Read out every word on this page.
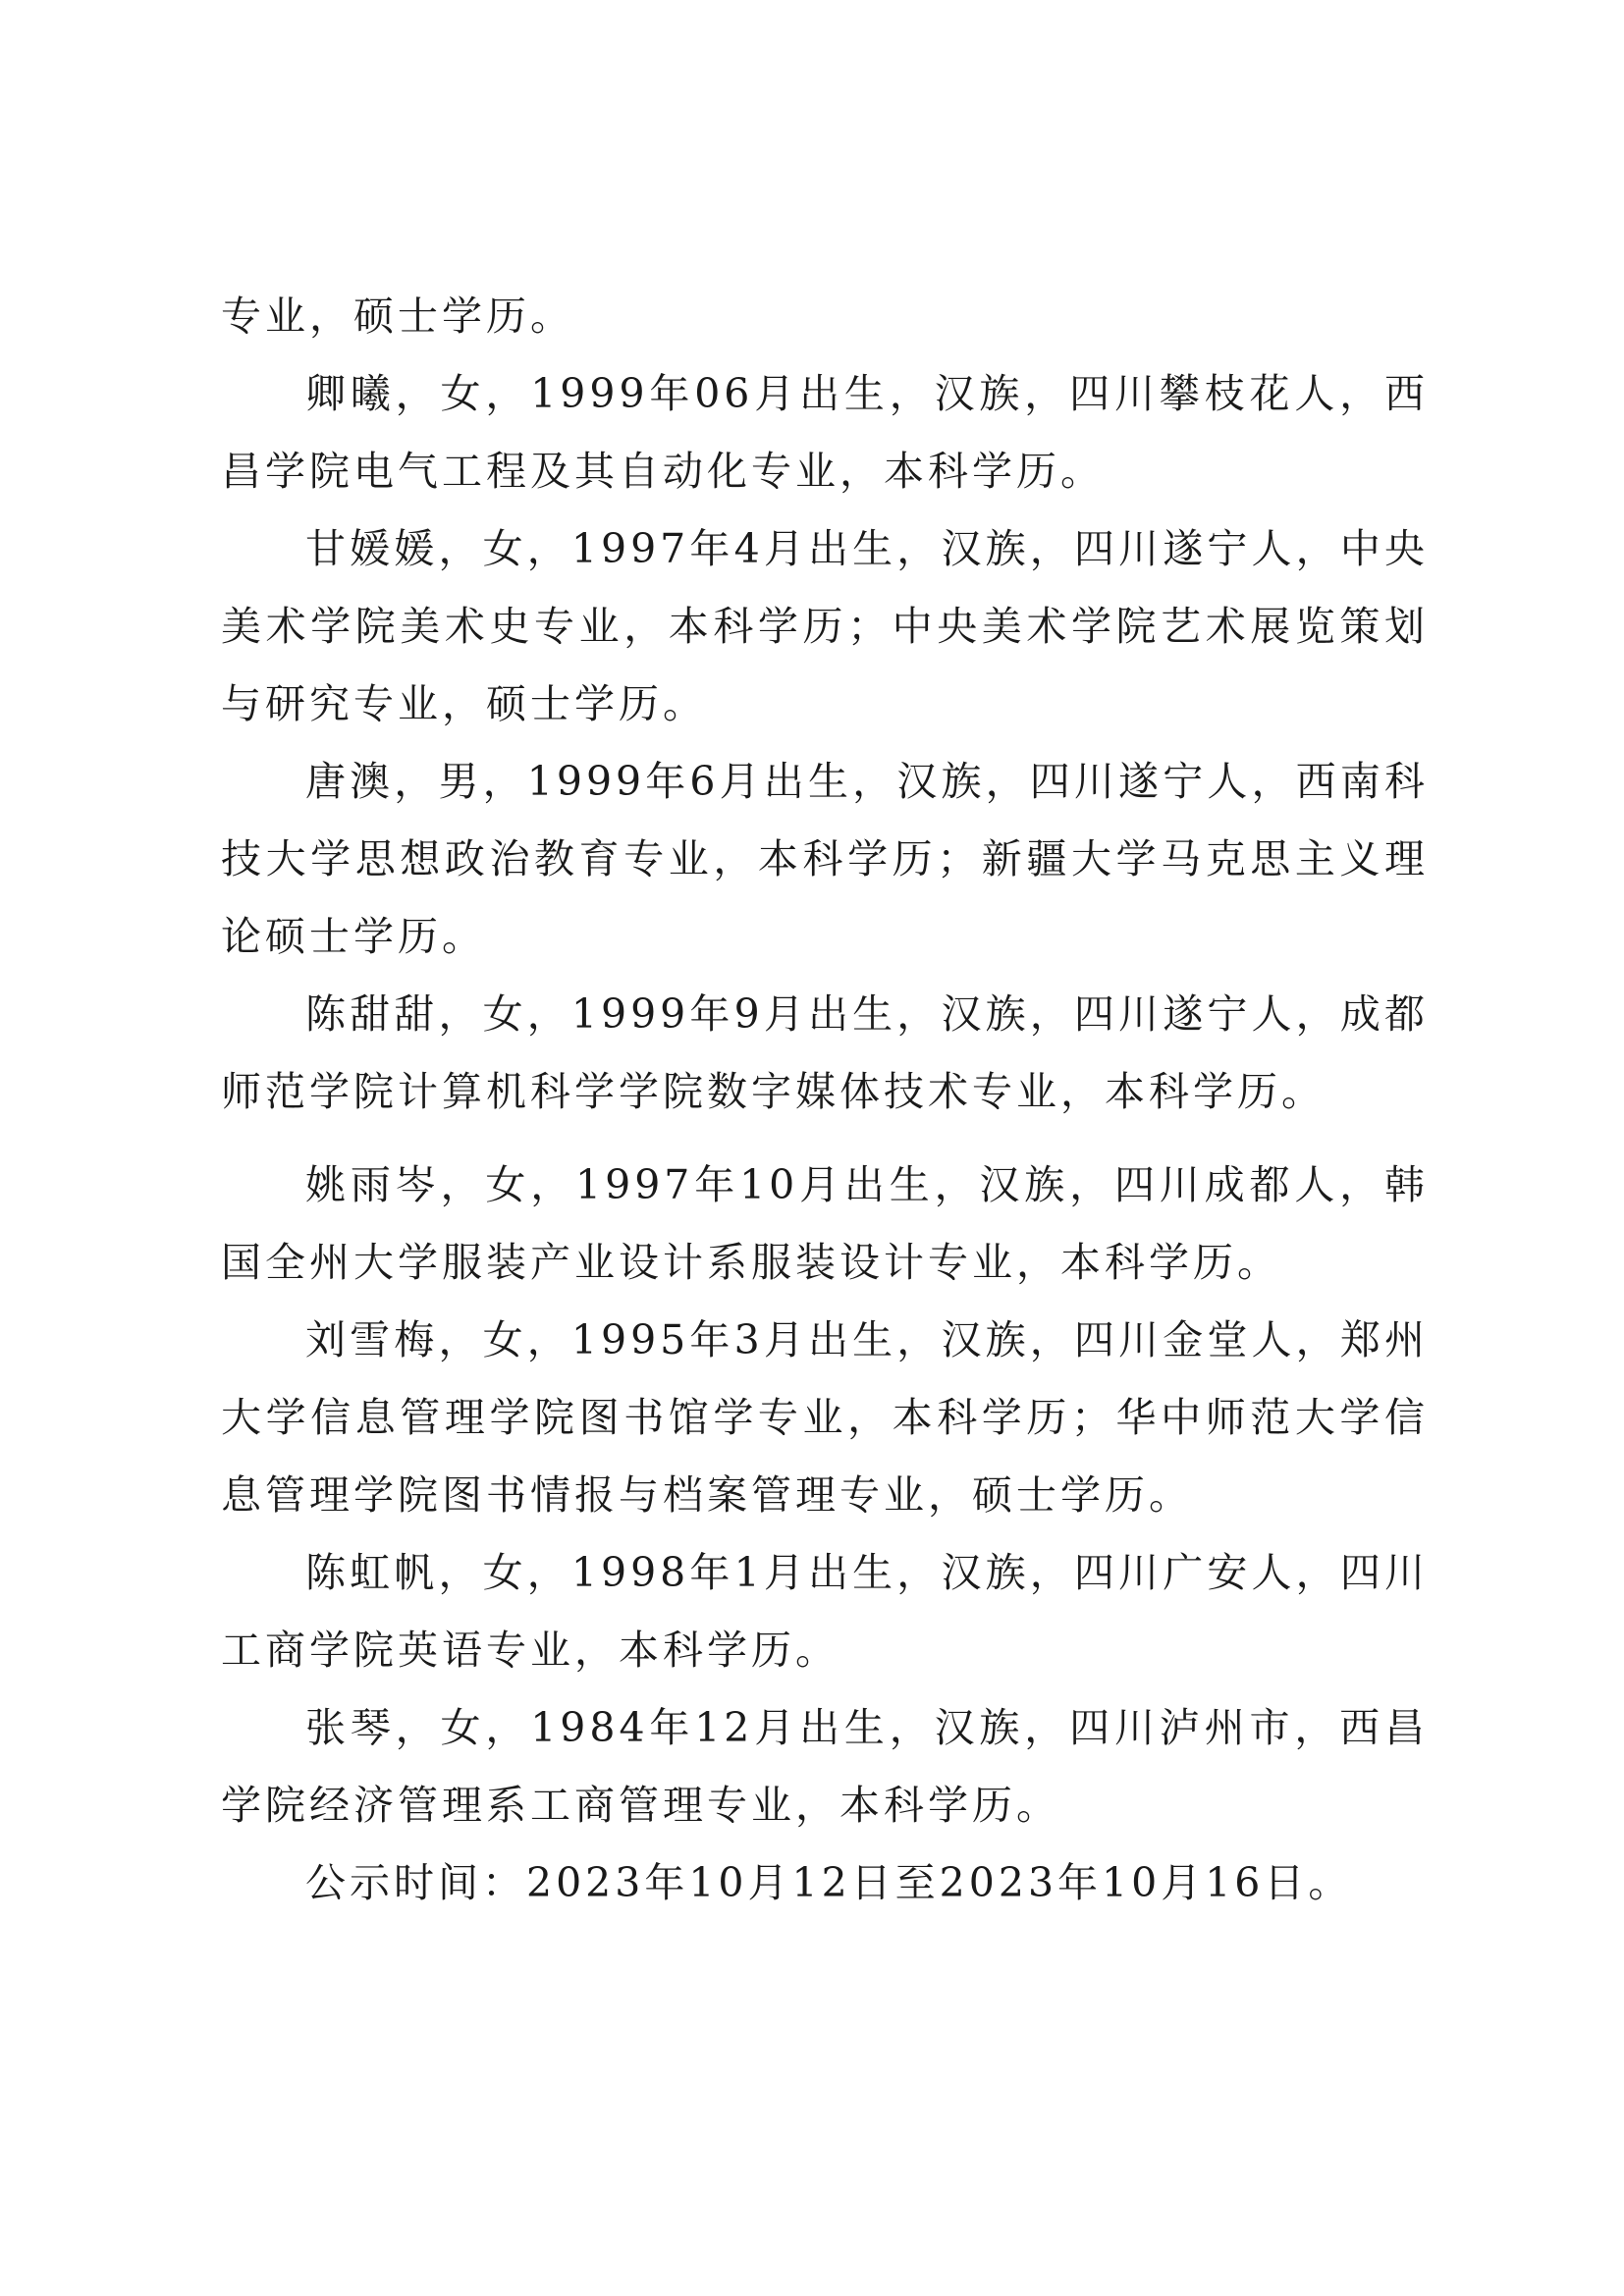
专业，硕士学历。

卿曦，女，1999年06月出生，汉族，四川攀枝花人，西昌学院电气工程及其自动化专业，本科学历。

甘媛媛，女，1997年4月出生，汉族，四川遂宁人，中央美术学院美术史专业，本科学历；中央美术学院艺术展览策划与研究专业，硕士学历。

唐澳，男，1999年6月出生，汉族，四川遂宁人，西南科技大学思想政治教育专业，本科学历；新疆大学马克思主义理论硕士学历。

陈甜甜，女，1999年9月出生，汉族，四川遂宁人，成都师范学院计算机科学学院数字媒体技术专业，本科学历。

姚雨岑，女，1997年10月出生，汉族，四川成都人，韩国全州大学服装产业设计系服装设计专业，本科学历。

刘雪梅，女，1995年3月出生，汉族，四川金堂人，郑州大学信息管理学院图书馆学专业，本科学历；华中师范大学信息管理学院图书情报与档案管理专业，硕士学历。

陈虹帆，女，1998年1月出生，汉族，四川广安人，四川工商学院英语专业，本科学历。

张琴，女，1984年12月出生，汉族，四川泸州市，西昌学院经济管理系工商管理专业，本科学历。

公示时间：2023年10月12日至2023年10月16日。
